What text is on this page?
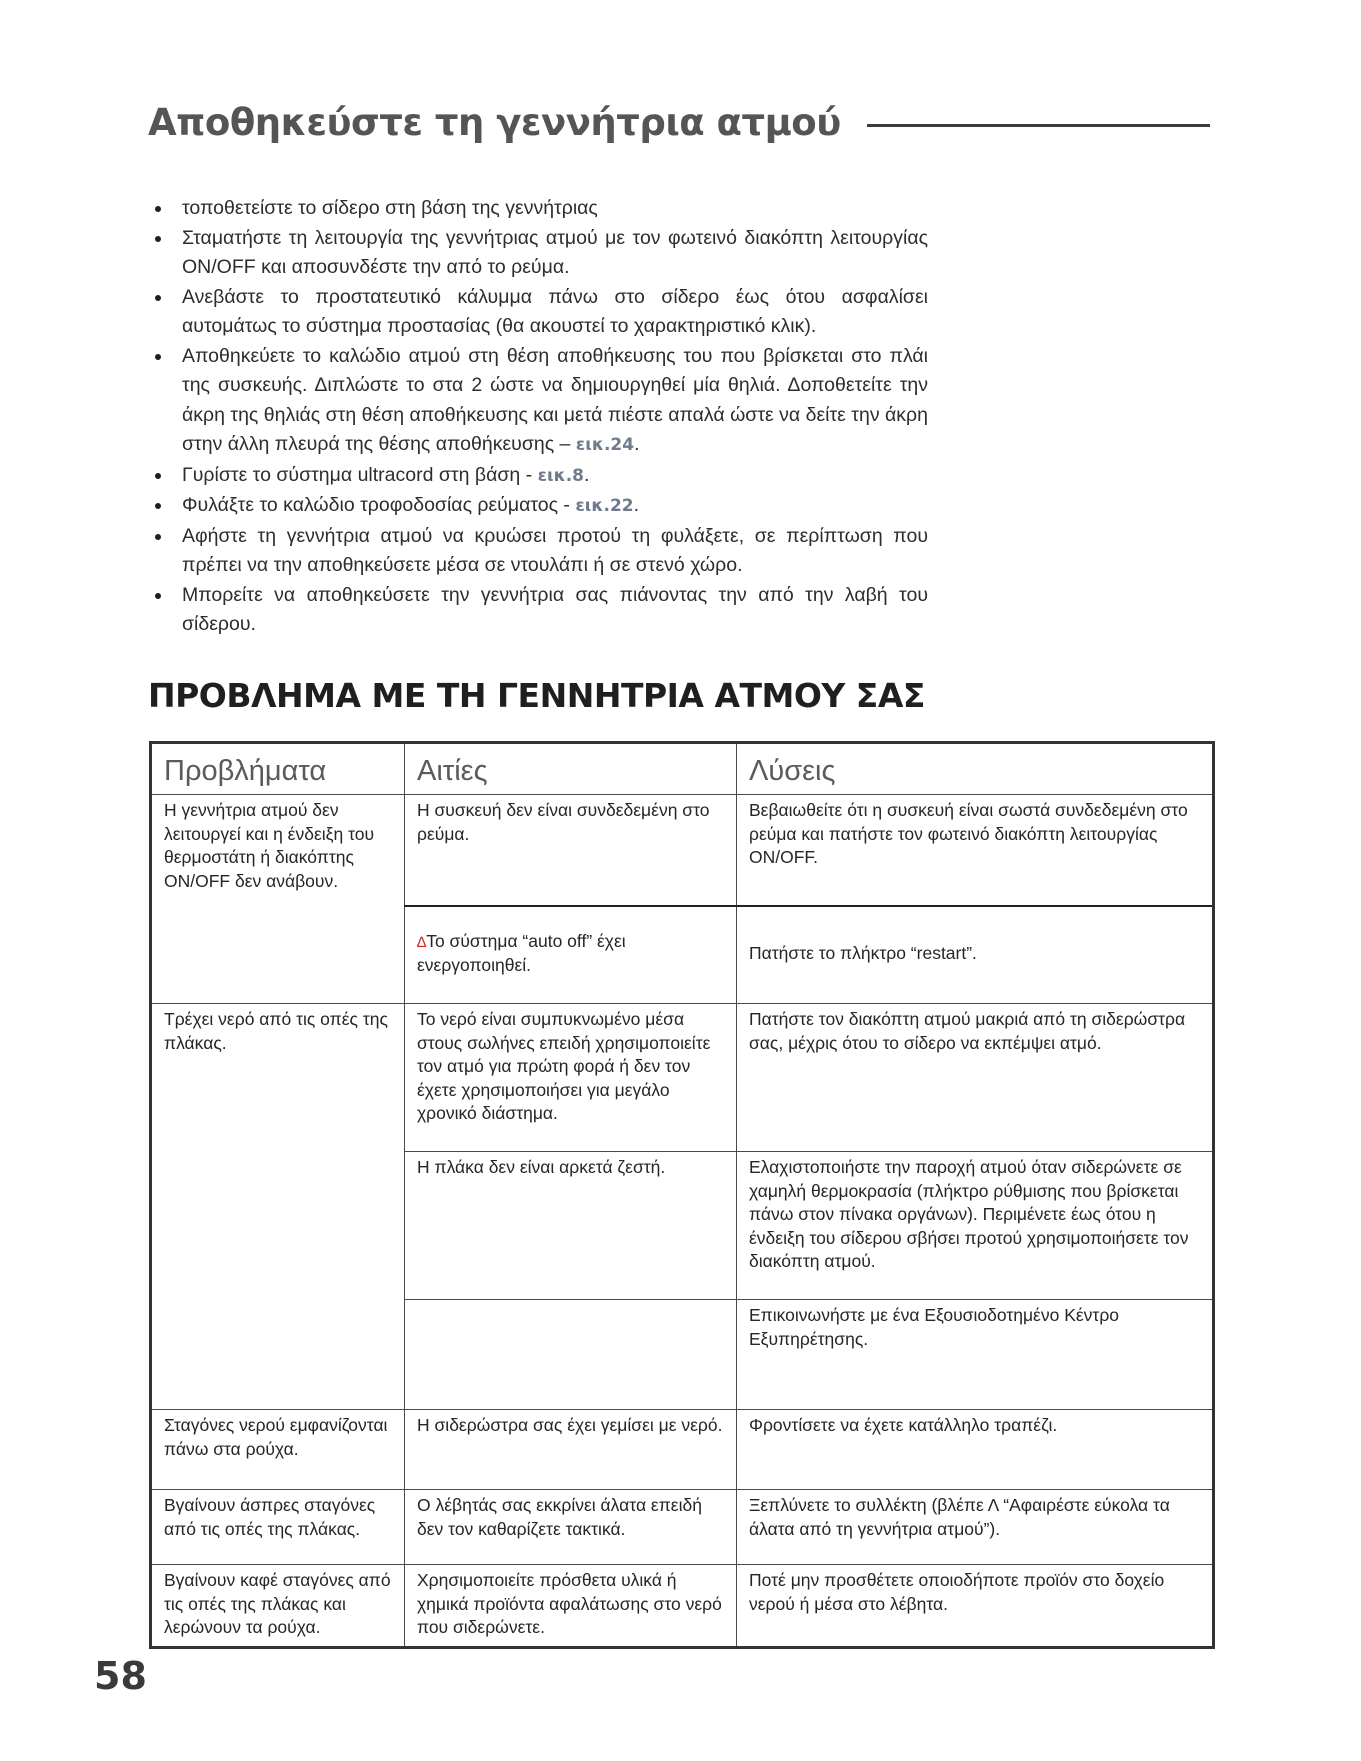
Αποθηκεύστε τη γεννήτρια ατμού
τοποθετείστε το σίδερο στη βάση της γεννήτριας
Σταματήστε τη λειτουργία της γεννήτριας ατμού με τον φωτεινό διακόπτη λειτουργίας ON/OFF και αποσυνδέστε την από το ρεύμα.
Ανεβάστε το προστατευτικό κάλυμμα πάνω στο σίδερο έως ότου ασφαλίσει αυτομάτως το σύστημα προστασίας (θα ακουστεί το χαρακτηριστικό κλικ).
Αποθηκεύετε το καλώδιο ατμού στη θέση αποθήκευσης του που βρίσκεται στο πλάι της συσκευής. Διπλώστε το στα 2 ώστε να δημιουργηθεί μία θηλιά. Δοποθετείτε την άκρη της θηλιάς στη θέση αποθήκευσης και μετά πιέστε απαλά ώστε να δείτε την άκρη στην άλλη πλευρά της θέσης αποθήκευσης – εικ.24.
Γυρίστε το σύστημα ultracord στη βάση - εικ.8.
Φυλάξτε το καλώδιο τροφοδοσίας ρεύματος - εικ.22.
Αφήστε τη γεννήτρια ατμού να κρυώσει προτού τη φυλάξετε, σε περίπτωση που πρέπει να την αποθηκεύσετε μέσα σε ντουλάπι ή σε στενό χώρο.
Μπορείτε να αποθηκεύσετε την γεννήτρια σας πιάνοντας την από την λαβή του σίδερου.
ΠΡΟΒΛΗΜΑ ΜΕ ΤΗ ΓΕΝΝΗΤΡΙΑ ΑΤΜΟΥ ΣΑΣ
Προβλήματα	Αιτίες	Λύσεις
Η γεννήτρια ατμού δεν λειτουργεί και η ένδειξη του θερμοστάτη ή διακόπτης ON/OFF δεν ανάβουν.	Η συσκευή δεν είναι συνδεδεμένη στο ρεύμα.	Βεβαιωθείτε ότι η συσκευή είναι σωστά συνδεδεμένη στο ρεύμα και πατήστε τον φωτεινό διακόπτη λειτουργίας ON/OFF.
	∆Το σύστημα “auto off” έχει ενεργοποιηθεί.	Πατήστε το πλήκτρο “restart”.
Τρέχει νερό από τις οπές της πλάκας.	Το νερό είναι συμπυκνωμένο μέσα στους σωλήνες επειδή χρησιμοποιείτε τον ατμό για πρώτη φορά ή δεν τον έχετε χρησιμοποιήσει για μεγάλο χρονικό διάστημα.	Πατήστε τον διακόπτη ατμού μακριά από τη σιδερώστρα σας, μέχρις ότου το σίδερο να εκπέμψει ατμό.
	Η πλάκα δεν είναι αρκετά ζεστή.	Ελαχιστοποιήστε την παροχή ατμού όταν σιδερώνετε σε χαμηλή θερμοκρασία (πλήκτρο ρύθμισης που βρίσκεται πάνω στον πίνακα οργάνων). Περιμένετε έως ότου η ένδειξη του σίδερου σβήσει προτού χρησιμοποιήσετε τον διακόπτη ατμού.
		Επικοινωνήστε με ένα Εξουσιοδοτημένο Κέντρο Εξυπηρέτησης.
Σταγόνες νερού εμφανίζονται πάνω στα ρούχα.	Η σιδερώστρα σας έχει γεμίσει με νερό.	Φροντίσετε να έχετε κατάλληλο τραπέζι.
Βγαίνουν άσπρες σταγόνες από τις οπές της πλάκας.	Ο λέβητάς σας εκκρίνει άλατα επειδή δεν τον καθαρίζετε τακτικά.	Ξεπλύνετε το συλλέκτη (βλέπε Λ “Αφαιρέστε εύκολα τα άλατα από τη γεννήτρια ατμού”).
Βγαίνουν καφέ σταγόνες από τις οπές της πλάκας και λερώνουν τα ρούχα.	Χρησιμοποιείτε πρόσθετα υλικά ή χημικά προϊόντα αφαλάτωσης στο νερό που σιδερώνετε.	Ποτέ μην προσθέτετε οποιοδήποτε προϊόν στο δοχείο νερού ή μέσα στο λέβητα.
58
